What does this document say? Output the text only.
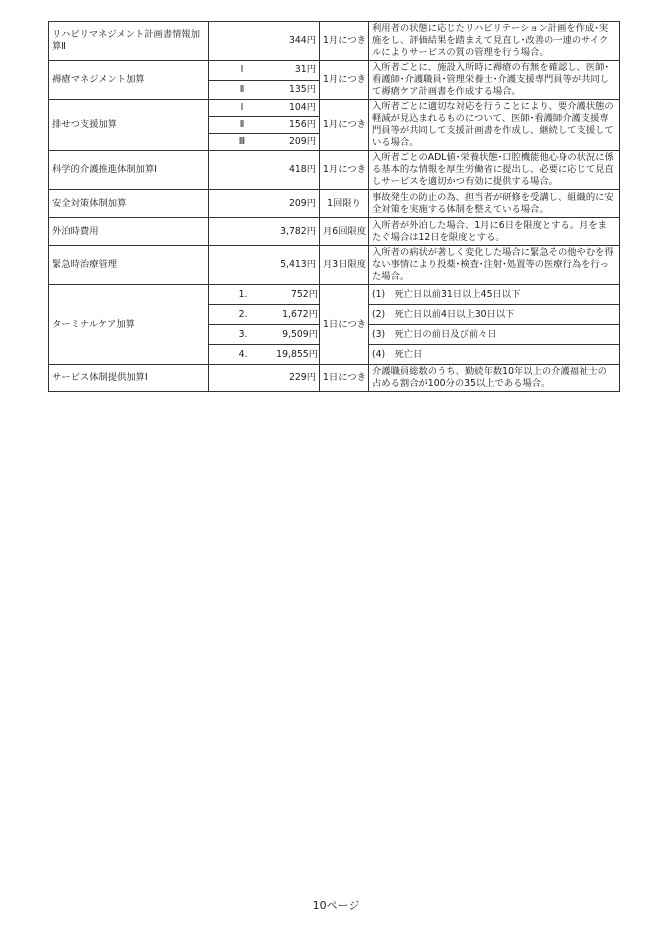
リハビリマネジメント計画書情報加算Ⅱ	344円	1月につき	利用者の状態に応じたリハビリテーション計画を作成･実施をし、評価結果を踏まえて見直し･改善の一連のサイクルによりサービスの質の管理を行う場合。
褥瘡マネジメント加算	Ⅰ 31円	1月につき	入所者ごとに、施設入所時に褥瘡の有無を確認し、医師･看護師･介護職員･管理栄養士･介護支援専門員等が共同して褥瘡ケア計画書を作成する場合。

	Ⅱ 135円		

排せつ支援加算	Ⅰ 104円	1月につき	入所者ごとに適切な対応を行うことにより、要介護状態の軽減が見込まれるものについて、医師･看護師介護支援専門員等が共同して支援計画書を作成し、継続して支援している場合。

	Ⅱ 156円		

	Ⅲ 209円		

科学的介護推進体制加算Ⅰ	418円	1月につき	入所者ごとのADL値･栄養状態･口腔機能他心身の状況に係る基本的な情報を厚生労働省に提出し、必要に応じて見直しサービスを適切かつ有効に提供する場合。
安全対策体制加算	209円	1回限り	事故発生の防止の為、担当者が研修を受講し、組織的に安全対策を実施する体制を整えている場合。
外泊時費用	3,782円	月6回限度	入所者が外泊した場合、1月に6日を限度とする。月をまたぐ場合は12日を限度とする。
緊急時治療管理	5,413円	月3日限度	入所者の病状が著しく変化した場合に緊急その他やむを得ない事情により投薬･検査･注射･処置等の医療行為を行った場合。
ターミナルケア加算	1. 752円	1日につき	(1)　死亡日以前31日以上45日以下

	2. 1,672円		(2)　死亡日以前4日以上30日以下

	3. 9,509円		(3)　死亡日の前日及び前々日

	4. 19,855円		(4)　死亡日
サービス体制提供加算Ⅰ	229円	1日につき	介護職員総数のうち、勤続年数10年以上の介護福祉士の占める割合が100分の35以上である場合。
10ページ
